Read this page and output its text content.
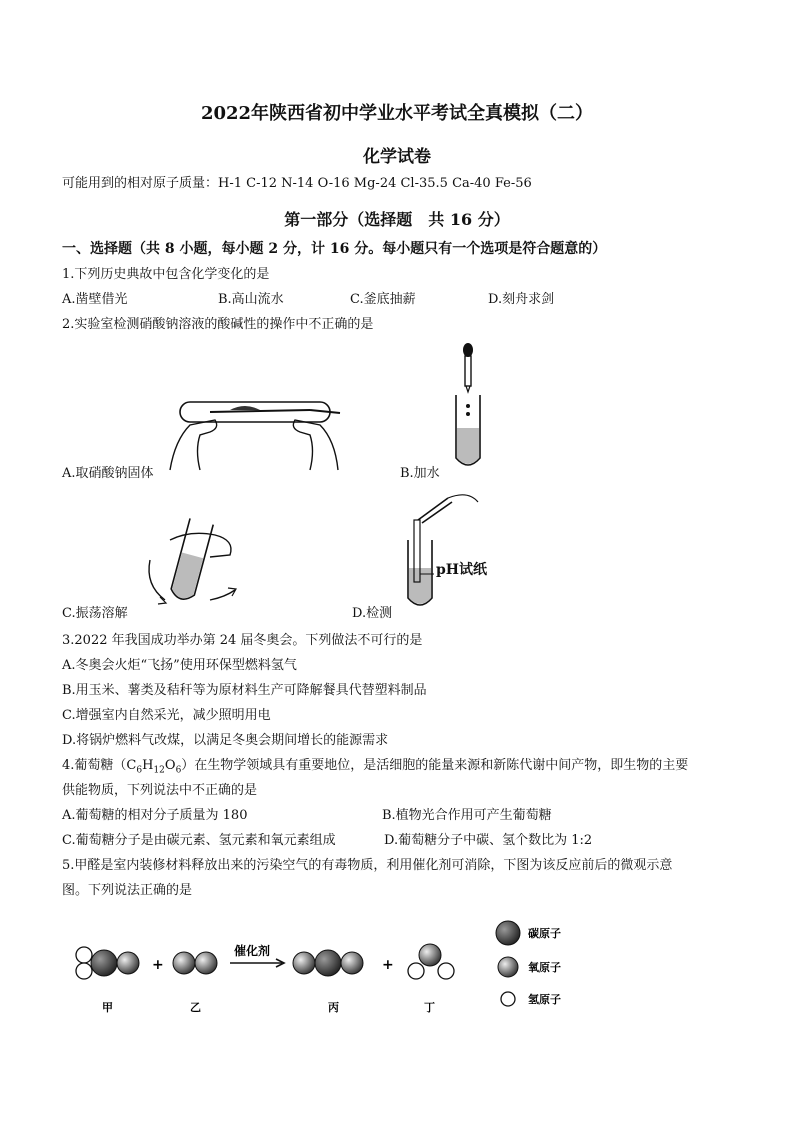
2022年陕西省初中学业水平考试全真模拟（二）
化学试卷
可能用到的相对原子质量：H-1 C-12 N-14 O-16 Mg-24 Cl-35.5 Ca-40 Fe-56
第一部分（选择题　共 16 分）
一、选择题（共 8 小题，每小题 2 分，计 16 分。每小题只有一个选项是符合题意的）
1.下列历史典故中包含化学变化的是
A.凿壁借光	B.高山流水	C.釜底抽薪	D.刻舟求剑
2.实验室检测硝酸钠溶液的酸碱性的操作中不正确的是
A.取硝酸钠固体	B.加水
C.振荡溶解
pH试纸
D.检测
3.2022 年我国成功举办第 24 届冬奥会。下列做法不可行的是
A.冬奥会火炬“飞扬”使用环保型燃料氢气
B.用玉米、薯类及秸秆等为原材料生产可降解餐具代替塑料制品
C.增强室内自然采光，减少照明用电
D.将锅炉燃料气改煤，以满足冬奥会期间增长的能源需求
4.葡萄糖$(C_6H_{12}O_6)$在生物学领域具有重要地位，是活细胞的能量来源和新陈代谢中间产物，即生物的主要
供能物质，下列说法中不正确的是
A.葡萄糖的相对分子质量为 180	B.植物光合作用可产生葡萄糖
C.葡萄糖分子是由碳元素、氢元素和氧元素组成	D.葡萄糖分子中碳、氢个数比为 1:2
5.甲醛是室内装修材料释放出来的污染空气的有毒物质，利用催化剂可消除，下图为该反应前后的微观示意
图。下列说法正确的是
+
催化剂
+
甲	乙	丙	丁
碳原子
氧原子
氢原子
